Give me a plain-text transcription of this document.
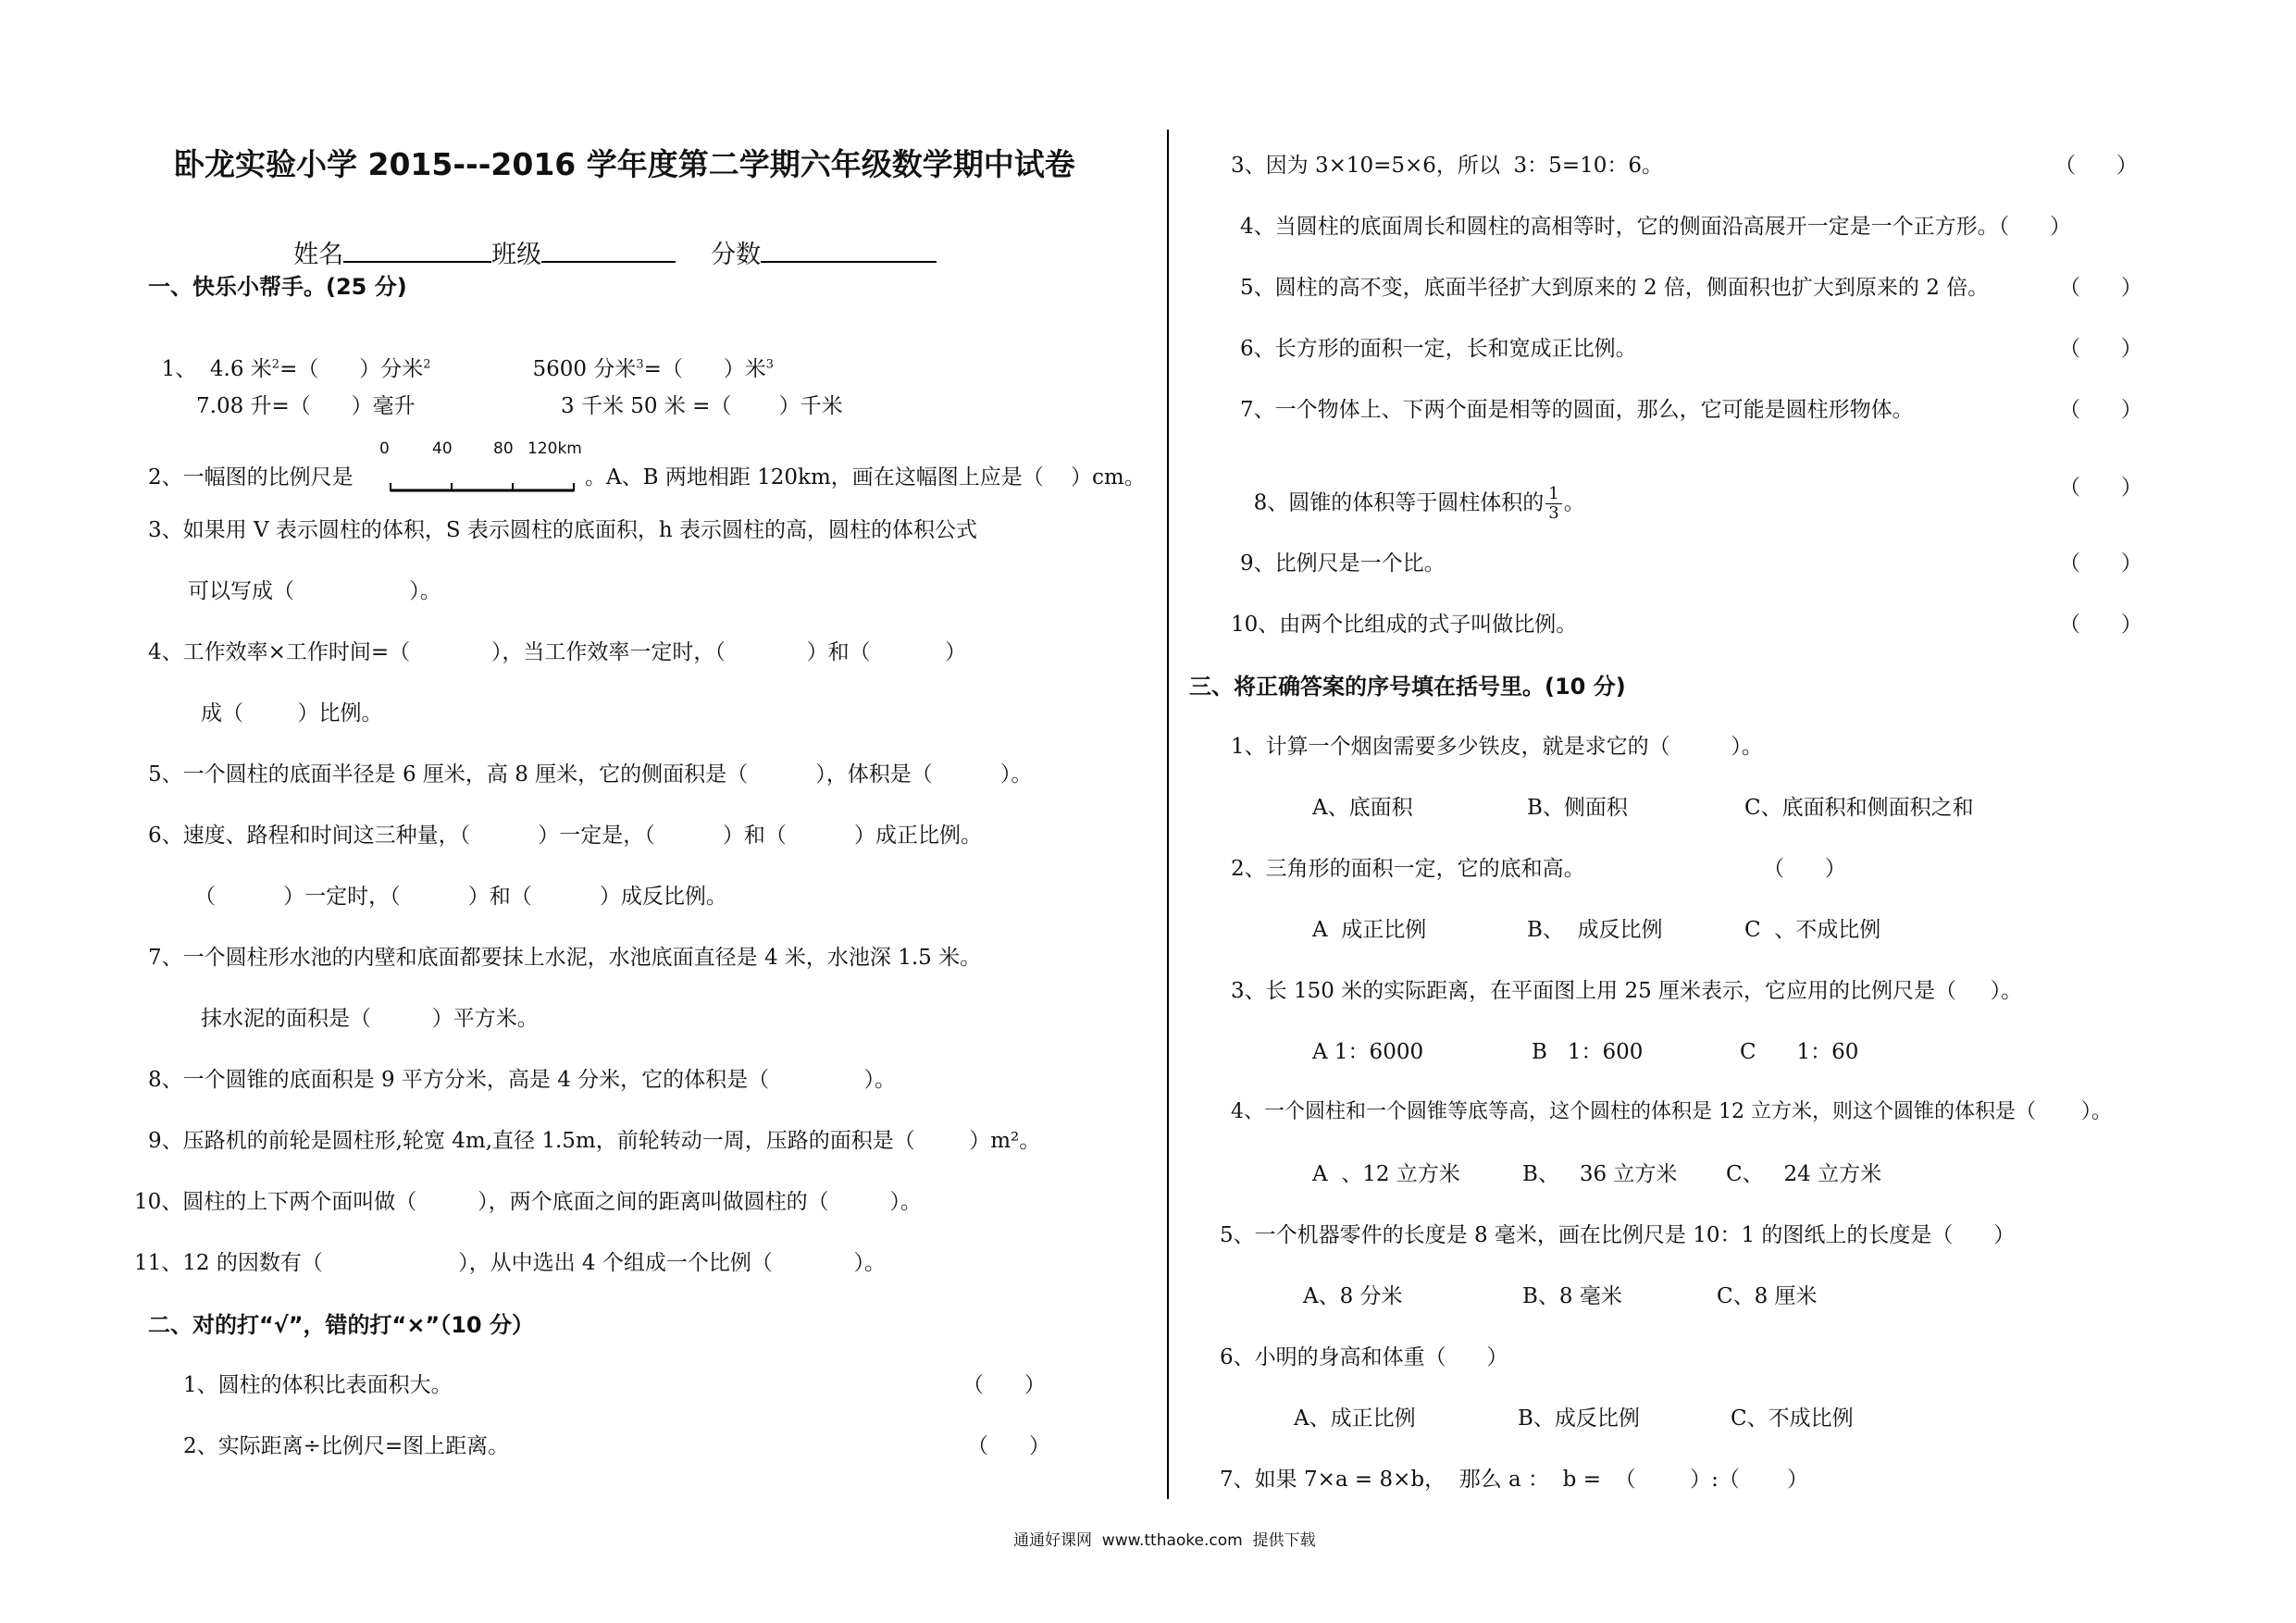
卧龙实验小学 2015---2016 学年度第二学期六年级数学期中试卷

姓名	班级	分数

一、快乐小帮手。(25 分)

1、  4.6 米$^2$=（      ）分米$^2$	5600 分米$^3$=（      ）米$^3$

7.08 升=（      ）毫升	3 千米 50 米 =（       ）千米
2、一幅图的比例尺是

0

	40

	80

120km

。A、B 两地相距 120km，画在这幅图上应是（    ）cm。
3、如果用 V 表示圆柱的体积，S 表示圆柱的底面积，h 表示圆柱的高，圆柱的体积公式
可以写成（                 ）。
4、工作效率×工作时间=（            ），当工作效率一定时，（            ）和（           ）
成（        ）比例。
5、一个圆柱的底面半径是 6 厘米，高 8 厘米，它的侧面积是（          ），体积是（          ）。
6、速度、路程和时间这三种量，（          ）一定是，（          ）和（          ）成正比例。
（          ）一定时，（          ）和（          ）成反比例。
7、一个圆柱形水池的内壁和底面都要抹上水泥，水池底面直径是 4 米，水池深 1.5 米。
抹水泥的面积是（         ）平方米。
8、一个圆锥的底面积是 9 平方分米，高是 4 分米，它的体积是（              ）。
9、压路机的前轮是圆柱形,轮宽 4m,直径 1.5m，前轮转动一周，压路的面积是（        ）m²。
10、圆柱的上下两个面叫做（         ），两个底面之间的距离叫做圆柱的（         ）。
11、12 的因数有（                    ），从中选出 4 个组成一个比例（            ）。
二、对的打“√”，错的打“×”（10 分）
1、圆柱的体积比表面积大。	（      ）
2、实际距离÷比例尺=图上距离。	（      ）
3、因为 3×10=5×6，所以  3：5=10：6。	（      ）
4、当圆柱的底面周长和圆柱的高相等时，它的侧面沿高展开一定是一个正方形。（      ）
5、圆柱的高不变，底面半径扩大到原来的 2 倍，侧面积也扩大到原来的 2 倍。	（      ）
6、长方形的面积一定，长和宽成正比例。	（      ）
7、一个物体上、下两个面是相等的圆面，那么，它可能是圆柱形物体。	（      ）

8、圆锥的体积等于圆柱体积的 $\frac{1}{3}$ 。

（      ）
9、比例尺是一个比。	（      ）
10、由两个比组成的式子叫做比例。	（      ）
三、将正确答案的序号填在括号里。(10 分)
1、计算一个烟囱需要多少铁皮，就是求它的（         ）。
A、底面积	B、侧面积	C、底面积和侧面积之和
2、三角形的面积一定，它的底和高。	（      ）
A  成正比例	B、  成反比例	C  、不成比例
3、长 150 米的实际距离，在平面图上用 25 厘米表示，它应用的比例尺是（     ）。
A 1：6000	B   1：600	C      1：60
4、一个圆柱和一个圆锥等底等高，这个圆柱的体积是 12 立方米，则这个圆锥的体积是（       ）。
A  、12 立方米	B、   36 立方米 C、   24 立方米
5、一个机器零件的长度是 8 毫米，画在比例尺是 10：1 的图纸上的长度是（      ）
A、8 分米	B、8 毫米	C、8 厘米
6、小明的身高和体重（      ）
A、成正比例	B、成反比例	C、不成比例
7、如果 7×a = 8×b，  那么 a ：  b =  （        ）:（       ）
通通好课网  www.tthaoke.com  提供下载
